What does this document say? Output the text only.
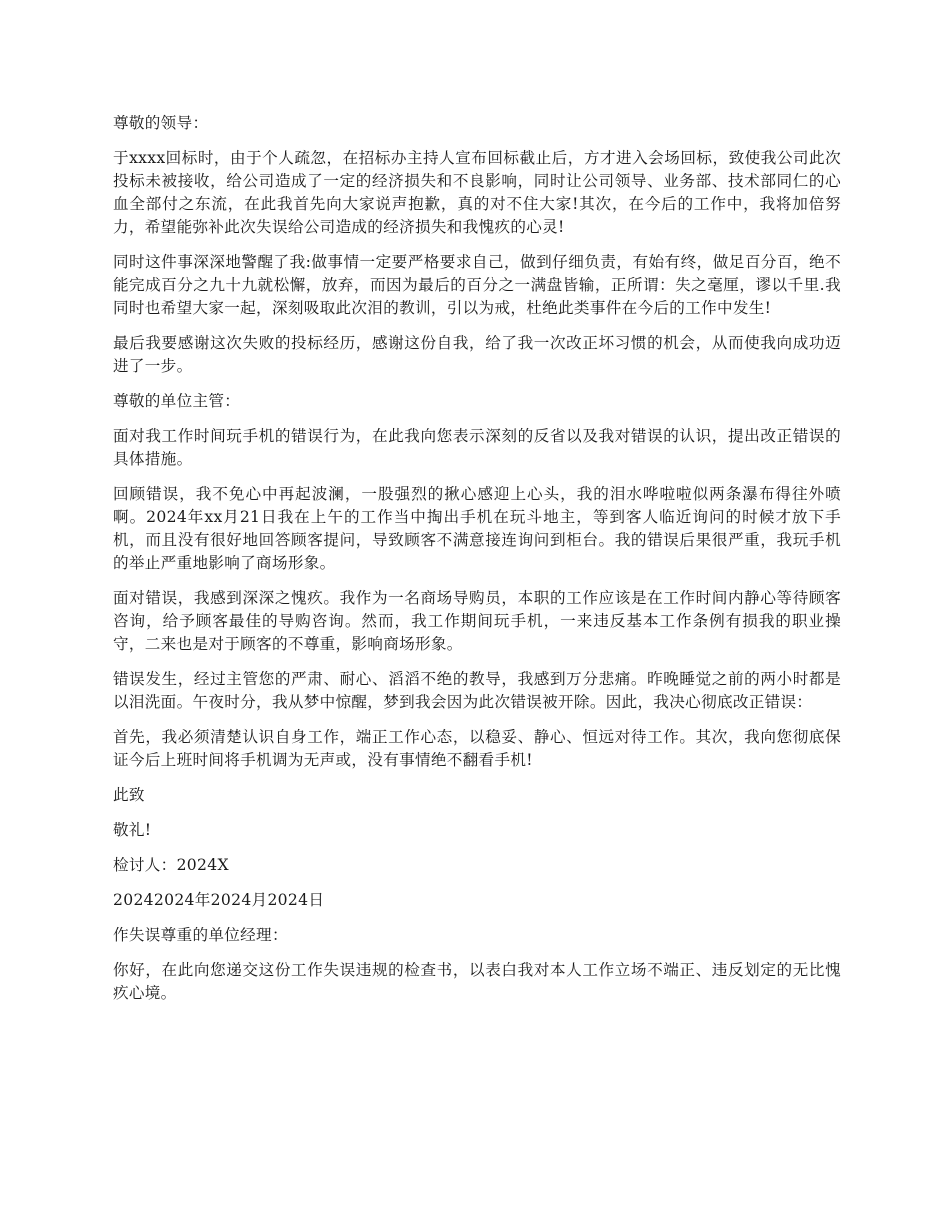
尊敬的领导：

于xxxx回标时，由于个人疏忽，在招标办主持人宣布回标截止后，方才进入会场回标，致使我公司此次投标未被接收，给公司造成了一定的经济损失和不良影响，同时让公司领导、业务部、技术部同仁的心血全部付之东流，在此我首先向大家说声抱歉，真的对不住大家!其次，在今后的工作中，我将加倍努力，希望能弥补此次失误给公司造成的经济损失和我愧疚的心灵!

同时这件事深深地警醒了我:做事情一定要严格要求自己，做到仔细负责，有始有终，做足百分百，绝不能完成百分之九十九就松懈，放弃，而因为最后的百分之一满盘皆输，正所谓：失之毫厘，谬以千里.我同时也希望大家一起，深刻吸取此次泪的教训，引以为戒，杜绝此类事件在今后的工作中发生!

最后我要感谢这次失败的投标经历，感谢这份自我，给了我一次改正坏习惯的机会，从而使我向成功迈进了一步。

尊敬的单位主管：

面对我工作时间玩手机的错误行为，在此我向您表示深刻的反省以及我对错误的认识，提出改正错误的具体措施。

回顾错误，我不免心中再起波澜，一股强烈的揪心感迎上心头，我的泪水哗啦啦似两条瀑布得往外喷啊。2024年xx月21日我在上午的工作当中掏出手机在玩斗地主，等到客人临近询问的时候才放下手机，而且没有很好地回答顾客提问，导致顾客不满意接连询问到柜台。我的错误后果很严重，我玩手机的举止严重地影响了商场形象。

面对错误，我感到深深之愧疚。我作为一名商场导购员，本职的工作应该是在工作时间内静心等待顾客咨询，给予顾客最佳的导购咨询。然而，我工作期间玩手机，一来违反基本工作条例有损我的职业操守，二来也是对于顾客的不尊重，影响商场形象。

错误发生，经过主管您的严肃、耐心、滔滔不绝的教导，我感到万分悲痛。昨晚睡觉之前的两小时都是以泪洗面。午夜时分，我从梦中惊醒，梦到我会因为此次错误被开除。因此，我决心彻底改正错误：

首先，我必须清楚认识自身工作，端正工作心态，以稳妥、静心、恒远对待工作。其次，我向您彻底保证今后上班时间将手机调为无声或，没有事情绝不翻看手机!

此致

敬礼!

检讨人：2024X

20242024年2024月2024日

作失误尊重的单位经理：

你好，在此向您递交这份工作失误违规的检查书，以表白我对本人工作立场不端正、违反划定的无比愧疚心境。
